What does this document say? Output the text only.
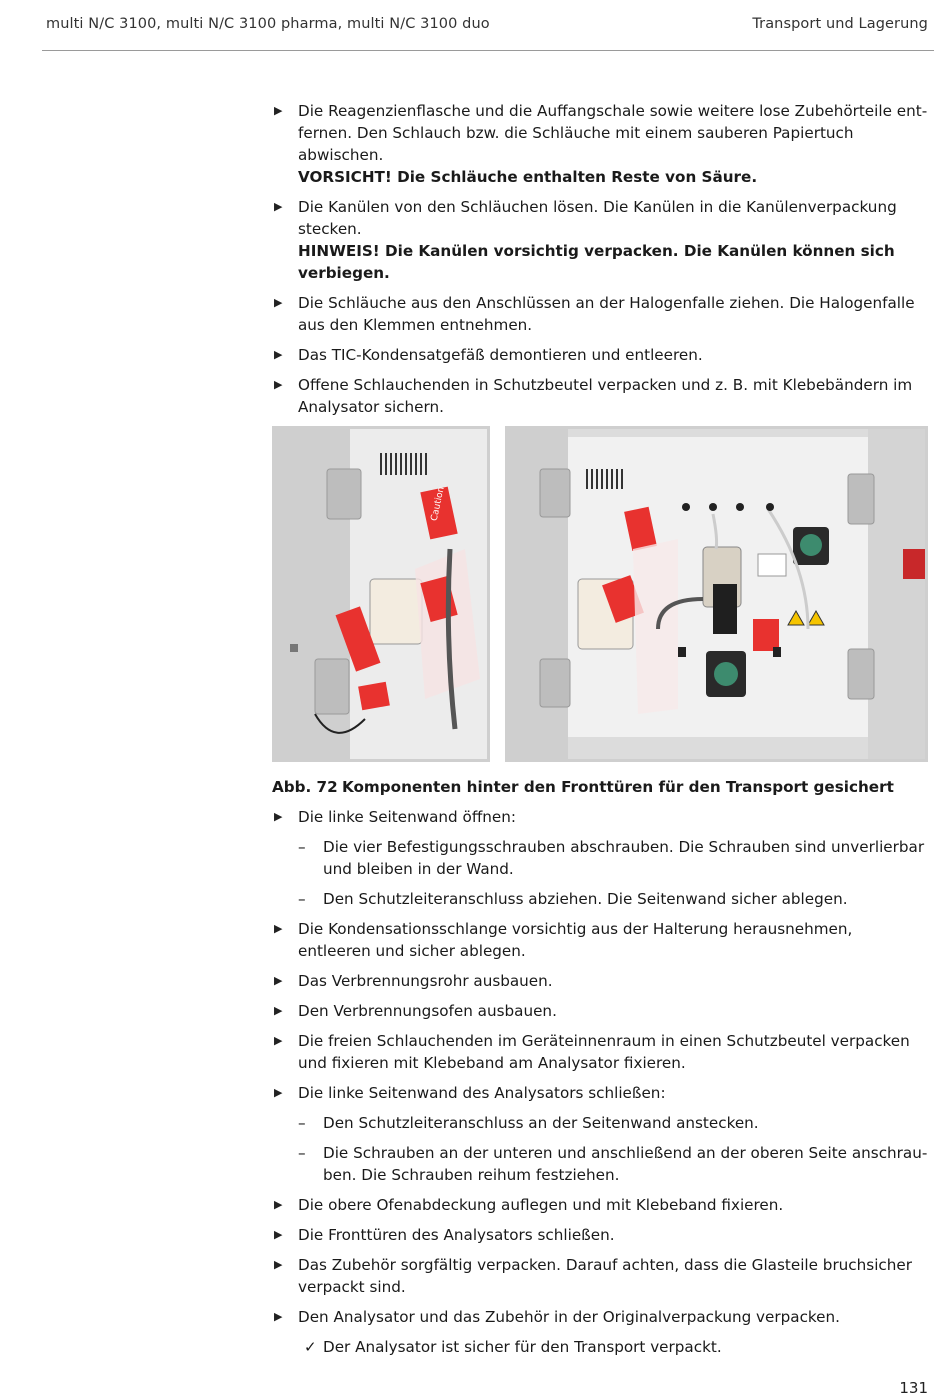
multi N/C 3100, multi N/C 3100 pharma, multi N/C 3100 duo	Transport und Lagerung
▶ Die Reagenzienflasche und die Auffangschale sowie weitere lose Zubehörteile entfernen. Den Schlauch bzw. die Schläuche mit einem sauberen Papiertuch abwischen.
VORSICHT! Die Schläuche enthalten Reste von Säure.
▶ Die Kanülen von den Schläuchen lösen. Die Kanülen in die Kanülenverpackung stecken.
HINWEIS! Die Kanülen vorsichtig verpacken. Die Kanülen können sich verbiegen.
▶ Die Schläuche aus den Anschlüssen an der Halogenfalle ziehen. Die Halogenfalle aus den Klemmen entnehmen.
▶ Das TIC-Kondensatgefäß demontieren und entleeren.
▶ Offene Schlauchenden in Schutzbeutel verpacken und z. B. mit Klebebändern im Analysator sichern.
Caution
Abb. 72 Komponenten hinter den Fronttüren für den Transport gesichert
▶ Die linke Seitenwand öffnen:
– Die vier Befestigungsschrauben abschrauben. Die Schrauben sind unverlierbar und bleiben in der Wand.
– Den Schutzleiteranschluss abziehen. Die Seitenwand sicher ablegen.
▶ Die Kondensationsschlange vorsichtig aus der Halterung herausnehmen, entleeren und sicher ablegen.
▶ Das Verbrennungsrohr ausbauen.
▶ Den Verbrennungsofen ausbauen.
▶ Die freien Schlauchenden im Geräteinnenraum in einen Schutzbeutel verpacken und fixieren mit Klebeband am Analysator fixieren.
▶ Die linke Seitenwand des Analysators schließen:
– Den Schutzleiteranschluss an der Seitenwand anstecken.
– Die Schrauben an der unteren und anschließend an der oberen Seite anschrauben. Die Schrauben reihum festziehen.
▶ Die obere Ofenabdeckung auflegen und mit Klebeband fixieren.
▶ Die Fronttüren des Analysators schließen.
▶ Das Zubehör sorgfältig verpacken. Darauf achten, dass die Glasteile bruchsicher verpackt sind.
▶ Den Analysator und das Zubehör in der Originalverpackung verpacken.
✓ Der Analysator ist sicher für den Transport verpackt.
131
